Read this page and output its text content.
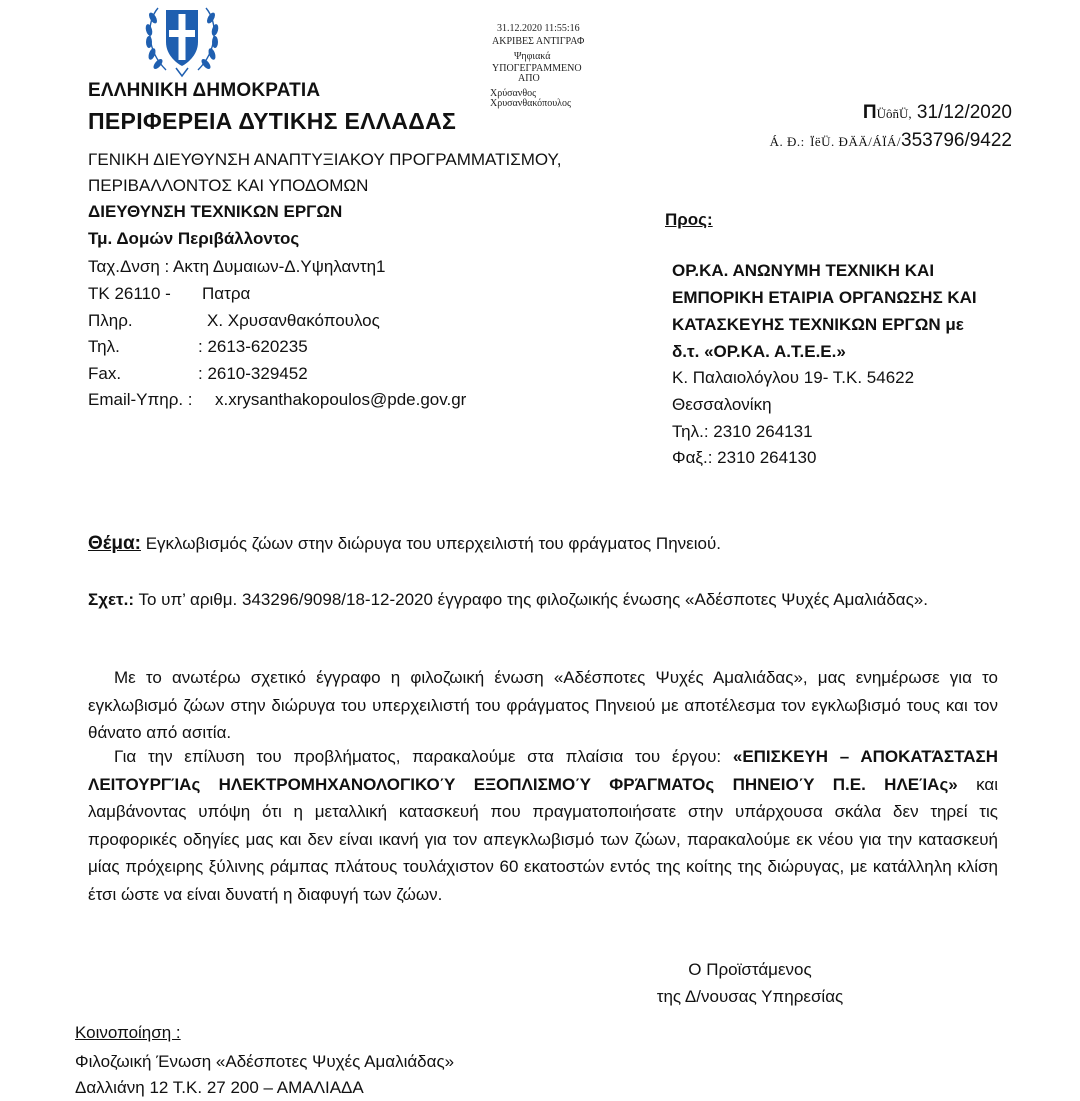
31.12.2020 11:55:16
ΑΚΡΙΒΕΣ ΑΝΤΙΓΡΑΦ
Ψηφιακά
ΥΠΟΓΕΓΡΑΜΜΕΝΟ
ΑΠΟ
Χρύσανθος
Χρυσανθακόπουλος
ΕΛΛΗΝΙΚΗ ΔΗΜΟΚΡΑΤΙΑ
ΠΕΡΙΦΕΡΕΙΑ ΔΥΤΙΚΗΣ ΕΛΛΑΔΑΣ
ΓΕΝΙΚΗ ΔΙΕΥΘΥΝΣΗ ΑΝΑΠΤΥΞΙΑΚΟΥ ΠΡΟΓΡΑΜΜΑΤΙΣΜΟΥ,
ΠΕΡΙΒΑΛΛΟΝΤΟΣ ΚΑΙ ΥΠΟΔΟΜΩΝ
ΔΙΕΥΘΥΝΣΗ ΤΕΧΝΙΚΩΝ ΕΡΓΩΝ
Τμ. Δομών Περιβάλλοντος
Ταχ.Δνση : Ακτη Δυμαιων-Δ.Υψηλαντη1
ΤΚ 26110 - Πατρα
Πληρ.	Χ. Χρυσανθακόπουλος
Τηλ.	: 2613-620235
Fax.	: 2610-329452
Email-Υπηρ. : x.xrysanthakopoulos@pde.gov.gr
ΠÜôñÜ, 31/12/2020
Á. Ð.: ÏëÜ. ÐÄÄ/ÁÏÁ/353796/9422
Προς:
ΟΡ.ΚΑ. ΑΝΩΝΥΜΗ ΤΕΧΝΙΚΗ ΚΑΙ
ΕΜΠΟΡΙΚΗ ΕΤΑΙΡΙΑ ΟΡΓΑΝΩΣΗΣ ΚΑΙ
ΚΑΤΑΣΚΕΥΗΣ ΤΕΧΝΙΚΩΝ ΕΡΓΩΝ με
δ.τ. «ΟΡ.ΚΑ. Α.Τ.Ε.Ε.»
Κ. Παλαιολόγλου 19- Τ.Κ. 54622
Θεσσαλονίκη
Τηλ.: 2310 264131
Φαξ.: 2310 264130
Θέμα: Εγκλωβισμός ζώων στην διώρυγα του υπερχειλιστή του φράγματος Πηνειού.
Σχετ.: Το υπ’ αριθμ. 343296/9098/18-12-2020 έγγραφο της φιλοζωικής ένωσης «Αδέσποτες Ψυχές Αμαλιάδας».
Με το ανωτέρω σχετικό έγγραφο η φιλοζωική ένωση «Αδέσποτες Ψυχές Αμαλιάδας», μας ενημέρωσε για το εγκλωβισμό ζώων στην διώρυγα του υπερχειλιστή του φράγματος Πηνειού με αποτέλεσμα τον εγκλωβισμό τους και τον θάνατο από ασιτία.
Για την επίλυση του προβλήματος, παρακαλούμε στα πλαίσια του έργου: «ΕΠΙΣΚΕΥΗ – ΑΠΟΚΑΤΆΣΤΑΣΗ ΛΕΙΤΟΥΡΓΊΑς ΗΛΕΚΤΡΟΜΗΧΑΝΟΛΟΓΙΚΟΎ ΕΞΟΠΛΙΣΜΟΎ ΦΡΆΓΜΑΤΟς ΠΗΝΕΙΟΎ Π.Ε. ΗΛΕΊΑς» και λαμβάνοντας υπόψη ότι η μεταλλική κατασκευή που πραγματοποιήσατε στην υπάρχουσα σκάλα δεν τηρεί τις προφορικές οδηγίες μας και δεν είναι ικανή για τον απεγκλωβισμό των ζώων, παρακαλούμε εκ νέου για την κατασκευή μίας πρόχειρης ξύλινης ράμπας πλάτους τουλάχιστον 60 εκατοστών εντός της κοίτης της διώρυγας, με κατάλληλη κλίση έτσι ώστε να είναι δυνατή η διαφυγή των ζώων.
Ο Προϊστάμενος
της Δ/νουσας Υπηρεσίας
Κοινοποίηση :
Φιλοζωική Ένωση «Αδέσποτες Ψυχές Αμαλιάδας»
Δαλλιάνη 12 Τ.Κ. 27 200 – ΑΜΑΛΙΑΔΑ
